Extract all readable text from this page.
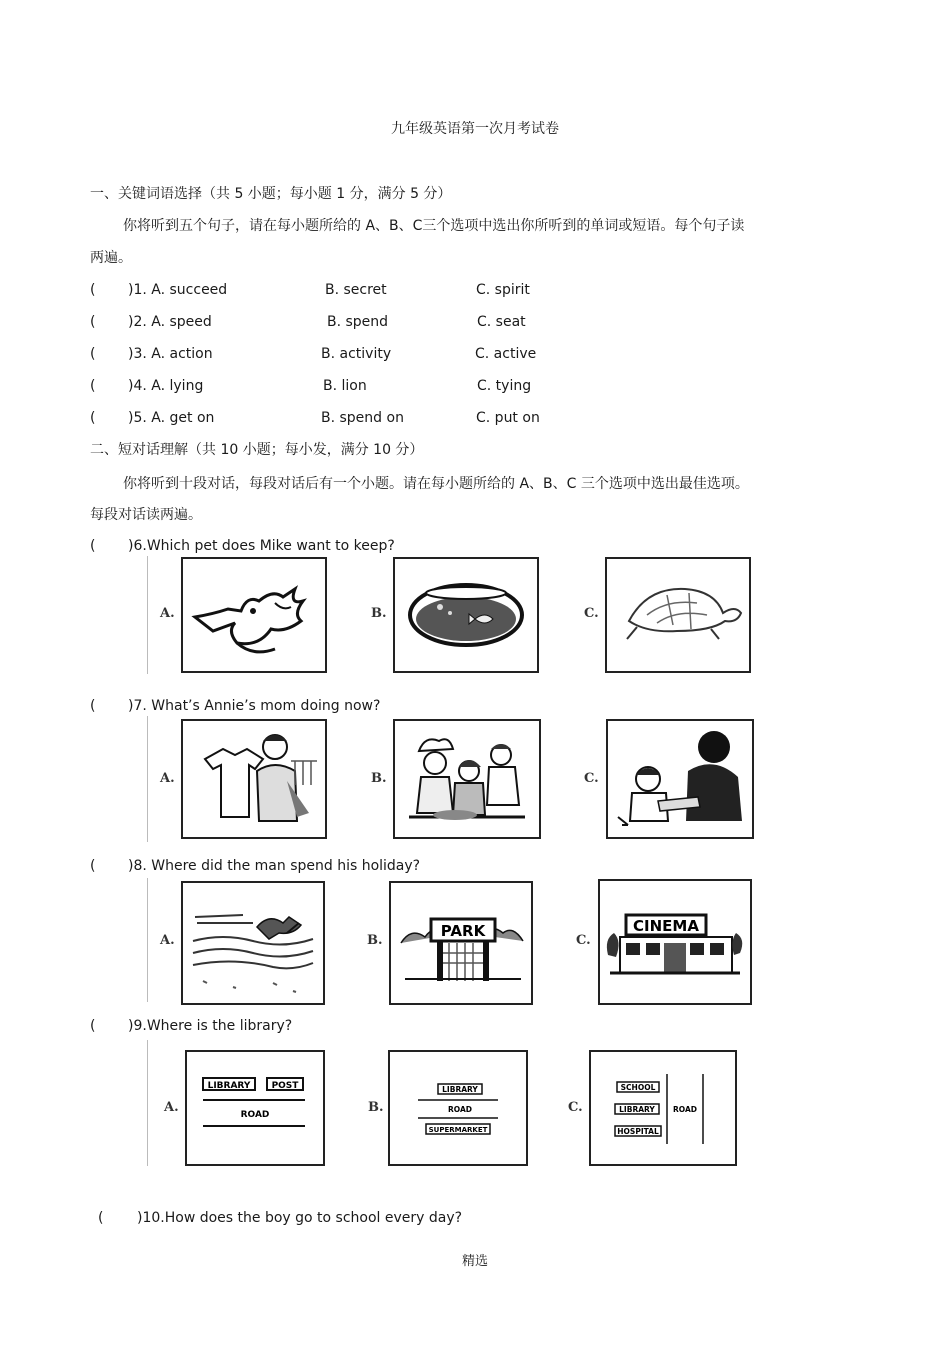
九年级英语第一次月考试卷
一、关键词语选择（共 5 小题；每小题 1 分，满分 5 分）
你将听到五个句子，请在每小题所给的 A、B、C三个选项中选出你所听到的单词或短语。每个句子读
两遍。
( )1. A. succeed	B. secret	C. spirit
( )2. A. speed	B. spend	C. seat
( )3. A. action	B. activity	C. active
( )4. A. lying	B. lion	C. tying
( )5. A. get on	B. spend on	C. put on
二、短对话理解（共 10 小题；每小发，满分 10 分）
你将听到十段对话，每段对话后有一个小题。请在每小题所给的 A、B、C 三个选项中选出最佳选项。
每段对话读两遍。
( )6.Which pet does Mike want to keep?
A.	B.	C.
( )7. What’s Annie’s mom doing now?
A.	B.	C.
( )8. Where did the man spend his holiday?
A.	B.
PARK
C.
CINEMA
( )9.Where is the library?
A.
LIBRARY POST
ROAD	B.
LIBRARY
ROAD
SUPERMARKET
C.
SCHOOL
LIBRARY
HOSPITAL
ROAD
( )10.How does the boy go to school every day?
精选
